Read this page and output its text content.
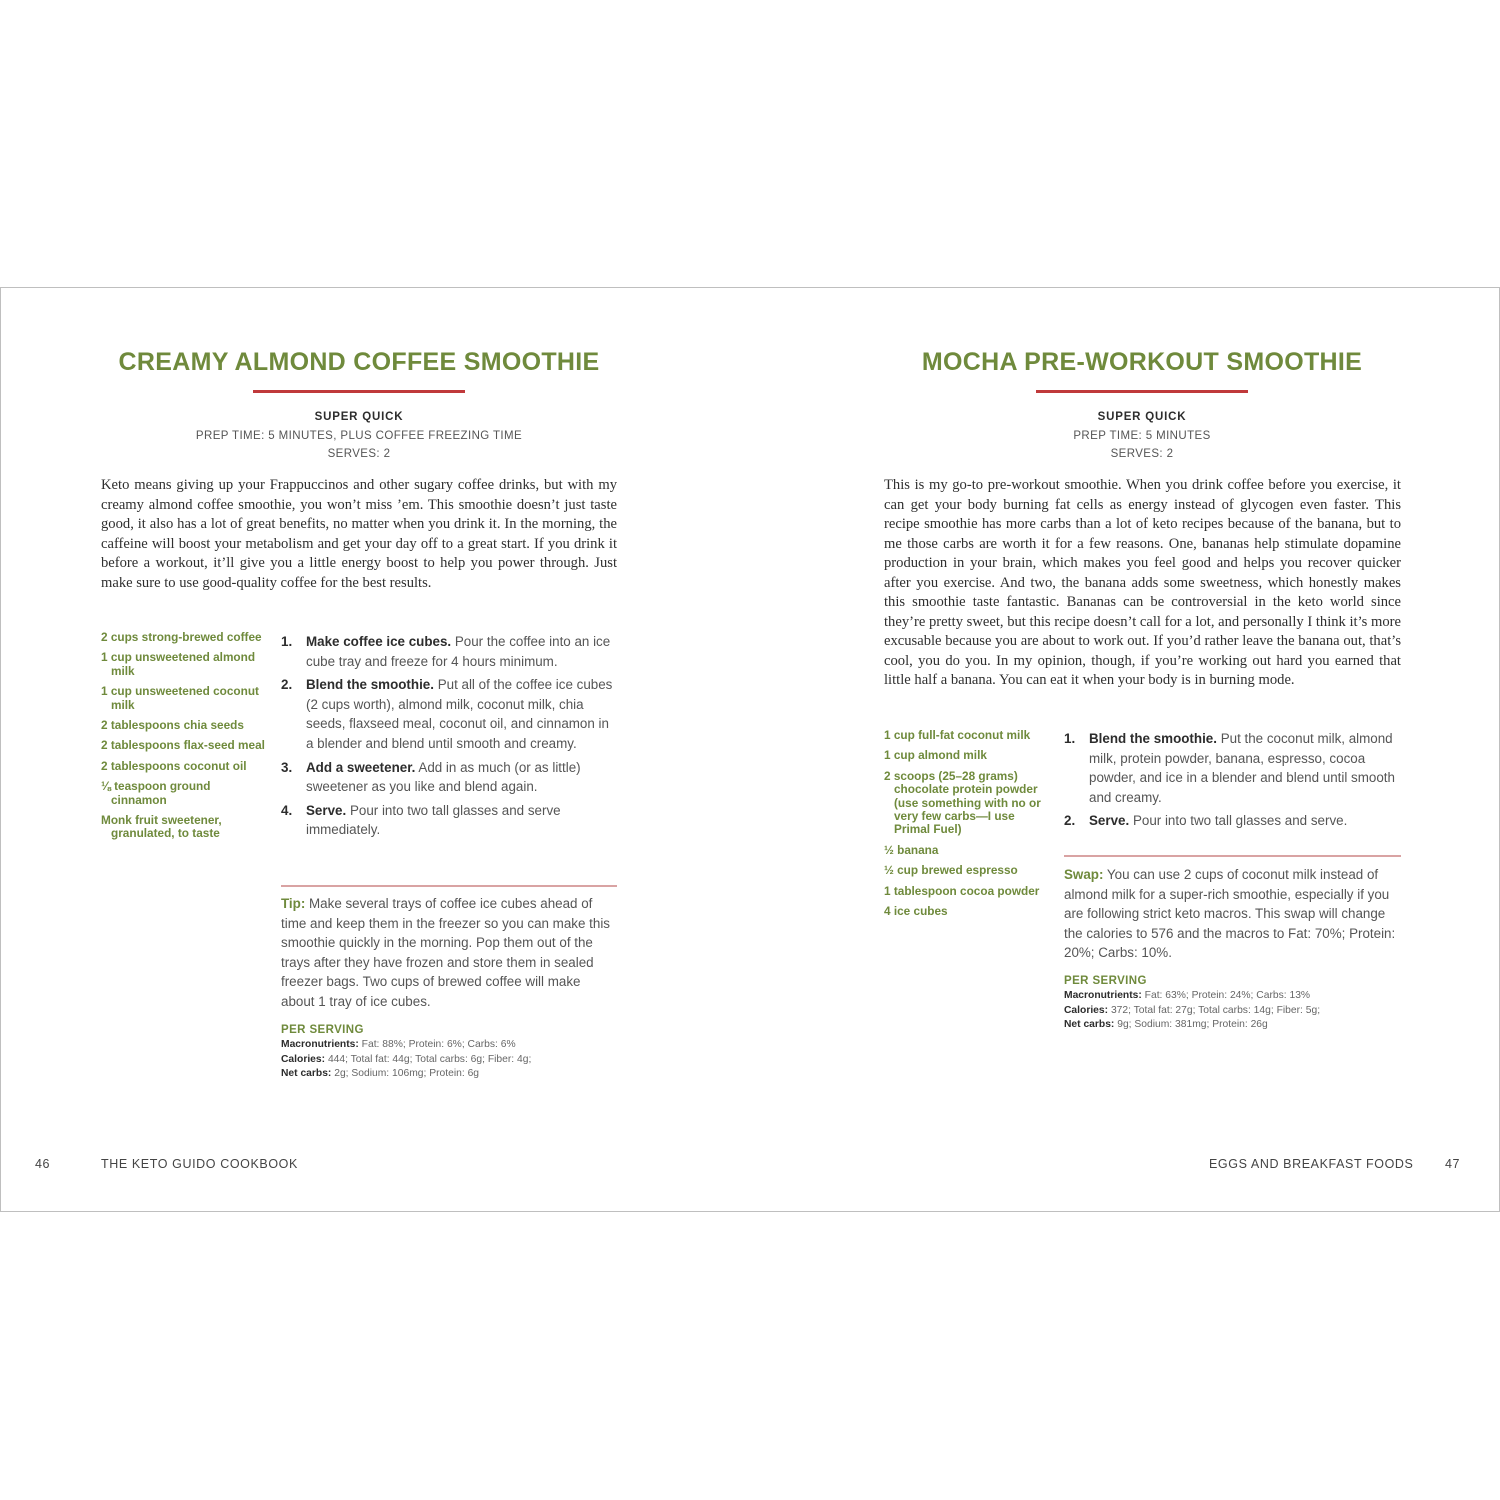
CREAMY ALMOND COFFEE SMOOTHIE
SUPER QUICK
PREP TIME: 5 MINUTES, PLUS COFFEE FREEZING TIME
SERVES: 2

Keto means giving up your Frappuccinos and other sugary coffee drinks, but with my creamy almond coffee smoothie, you won’t miss ’em. This smoothie doesn’t just taste good, it also has a lot of great benefits, no matter when you drink it. In the morning, the caffeine will boost your metabolism and get your day off to a great start. If you drink it before a workout, it’ll give you a little energy boost to help you power through. Just make sure to use good-quality coffee for the best results.

2 cups strong-brewed coffee
1 cup unsweetened almond milk
1 cup unsweetened coconut milk
2 tablespoons chia seeds
2 tablespoons flax-seed meal
2 tablespoons coconut oil
⅛ teaspoon ground cinnamon
Monk fruit sweetener, granulated, to taste
1. Make coffee ice cubes. Pour the coffee into an ice cube tray and freeze for 4 hours minimum.
2. Blend the smoothie. Put all of the coffee ice cubes (2 cups worth), almond milk, coconut milk, chia seeds, flaxseed meal, coconut oil, and cinnamon in a blender and blend until smooth and creamy.
3. Add a sweetener. Add in as much (or as little) sweetener as you like and blend again.
4. Serve. Pour into two tall glasses and serve immediately.

Tip: Make several trays of coffee ice cubes ahead of time and keep them in the freezer so you can make this smoothie quickly in the morning. Pop them out of the trays after they have frozen and store them in sealed freezer bags. Two cups of brewed coffee will make about 1 tray of ice cubes.

PER SERVING
Macronutrients: Fat: 88%; Protein: 6%; Carbs: 6%
Calories: 444; Total fat: 44g; Total carbs: 6g; Fiber: 4g;
Net carbs: 2g; Sodium: 106mg; Protein: 6g
46	THE KETO GUIDO COOKBOOK
MOCHA PRE-WORKOUT SMOOTHIE
SUPER QUICK
PREP TIME: 5 MINUTES
SERVES: 2

This is my go-to pre-workout smoothie. When you drink coffee before you exercise, it can get your body burning fat cells as energy instead of glycogen even faster. This recipe smoothie has more carbs than a lot of keto recipes because of the banana, but to me those carbs are worth it for a few reasons. One, bananas help stimulate dopamine production in your brain, which makes you feel good and helps you recover quicker after you exercise. And two, the banana adds some sweetness, which honestly makes this smoothie taste fantastic. Bananas can be controversial in the keto world since they’re pretty sweet, but this recipe doesn’t call for a lot, and personally I think it’s more excusable because you are about to work out. If you’d rather leave the banana out, that’s cool, you do you. In my opinion, though, if you’re working out hard you earned that little half a banana. You can eat it when your body is in burning mode.

1 cup full-fat coconut milk
1 cup almond milk
2 scoops (25–28 grams) chocolate protein powder (use something with no or very few carbs—I use Primal Fuel)
½ banana
½ cup brewed espresso
1 tablespoon cocoa powder
4 ice cubes
1. Blend the smoothie. Put the coconut milk, almond milk, protein powder, banana, espresso, cocoa powder, and ice in a blender and blend until smooth and creamy.
2. Serve. Pour into two tall glasses and serve.

Swap: You can use 2 cups of coconut milk instead of almond milk for a super-rich smoothie, especially if you are following strict keto macros. This swap will change the calories to 576 and the macros to Fat: 70%; Protein: 20%; Carbs: 10%.

PER SERVING
Macronutrients: Fat: 63%; Protein: 24%; Carbs: 13%
Calories: 372; Total fat: 27g; Total carbs: 14g; Fiber: 5g;
Net carbs: 9g; Sodium: 381mg; Protein: 26g
EGGS AND BREAKFAST FOODS	47
